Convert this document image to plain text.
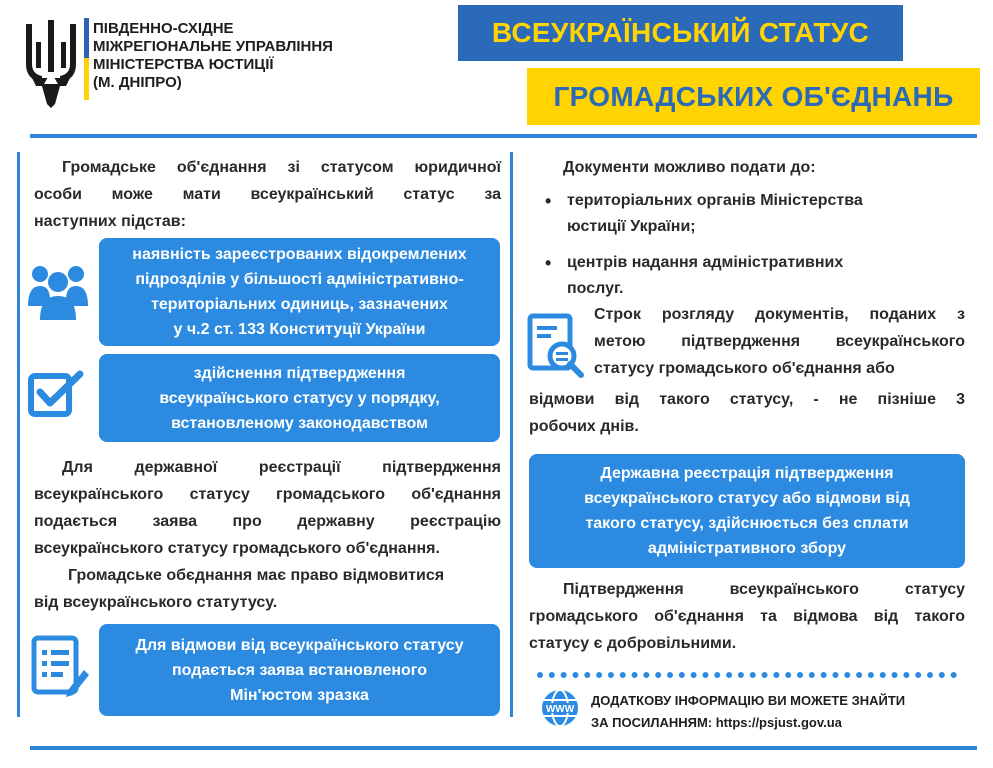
ПІВДЕННО-СХІДНЕ
МІЖРЕГІОНАЛЬНЕ УПРАВЛІННЯ
МІНІСТЕРСТВА ЮСТИЦІЇ
(М. ДНІПРО)
ВСЕУКРАЇНСЬКИЙ СТАТУС
ГРОМАДСЬКИХ ОБ'ЄДНАНЬ
Громадське об'єднання зі статусом юридичної
особи може мати всеукраїнський статус за
наступних підстав:
наявність зареєстрованих відокремлених
підрозділів у більшості адміністративно-
територіальних одиниць, зазначених
у ч.2 ст. 133 Конституції України
здійснення підтвердження
всеукраїнського статусу у порядку,
встановленому законодавством
Для державної реєстрації підтвердження
всеукраїнського статусу громадського об'єднання
подається заява про державну реєстрацію
всеукраїнського статусу громадського об'єднання.
Громадське обєднання має право відмовитися
від всеукраїнського статутусу.
Для відмови від всеукраїнського статусу
подається заява встановленого
Мін'юстом зразка
Документи можливо подати до:
• територіальних органів Міністерства
юстиції України;
• центрів надання адміністративних
послуг.
Строк розгляду документів, поданих з
метою підтвердження всеукраїнського
статусу громадського об'єднання або
відмови від такого статусу, - не пізніше 3
робочих днів.
Державна реєстрація підтвердження
всеукраїнського статусу або відмови від
такого статусу, здійснюється без сплати
адміністративного збору
Підтвердження всеукраїнського статусу
громадського об'єднання та відмова від такого
статусу є добровільними.
WWW
ДОДАТКОВУ ІНФОРМАЦІЮ ВИ МОЖЕТЕ ЗНАЙТИ
ЗА ПОСИЛАННЯМ: https://psjust.gov.ua
